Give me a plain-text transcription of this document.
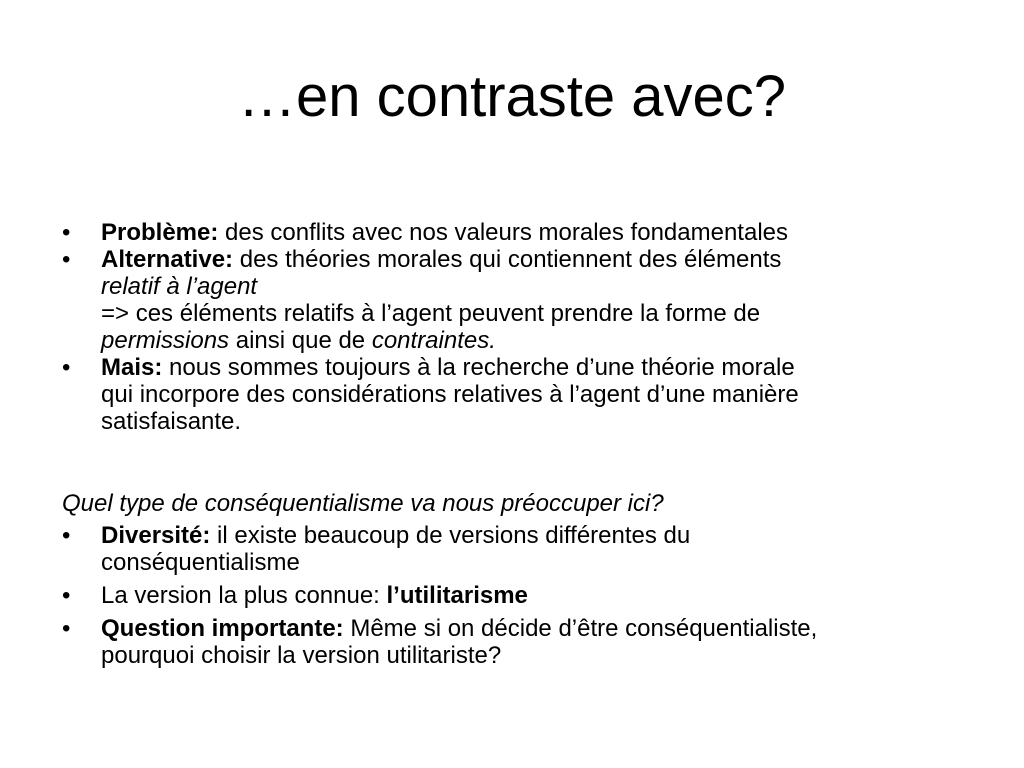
…en contraste avec?
•	Problème: des conflits avec nos valeurs morales fondamentales
•	Alternative: des théories morales qui contiennent des éléments
relatif à l’agent
=> ces éléments relatifs à l’agent peuvent prendre la forme de
permissions ainsi que de contraintes.
•	Mais: nous sommes toujours à la recherche d’une théorie morale
qui incorpore des considérations relatives à l’agent d’une manière
satisfaisante.
Quel type de conséquentialisme va nous préoccuper ici?
•	Diversité: il existe beaucoup de versions différentes du
conséquentialisme
•	La version la plus connue: l’utilitarisme
•	Question importante: Même si on décide d’être conséquentialiste,
pourquoi choisir la version utilitariste?
